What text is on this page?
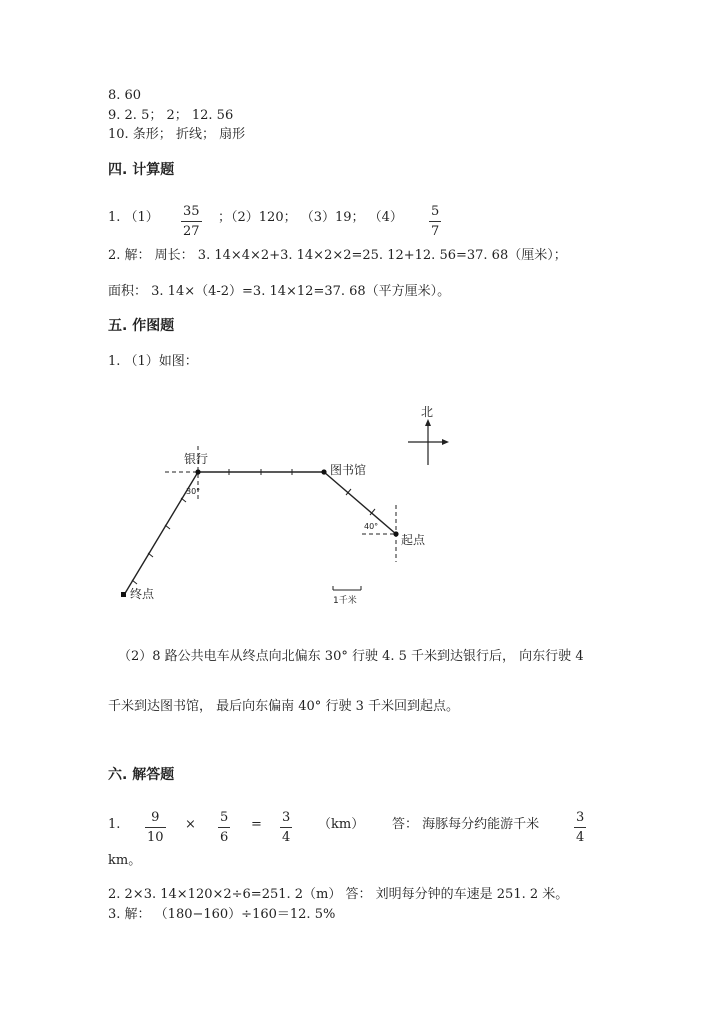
8. 60
9. 2. 5； 2； 12. 56
10. 条形； 折线； 扇形
四. 计算题
1. （1） 35
27
；（2）120； （3）19； （4） 5
7
2. 解： 周长： 3. 14×4×2+3. 14×2×2=25. 12+12. 56=37. 68（厘米）；
面积： 3. 14×（4-2）=3. 14×12=37. 68（平方厘米）。
五. 作图题
1. （1）如图：
北
银行
图书馆
起点
终点
30°
40°
1千米
（2）8 路公共电车从终点向北偏东 30° 行驶 4. 5 千米到达银行后， 向东行驶 4
千米到达图书馆， 最后向东偏南 40° 行驶 3 千米回到起点。
六. 解答题
1. 9
10
× 5
6
= 3
4
（km） 答： 海豚每分约能游千米	3
4
km。
2. 2×3. 14×120×2÷6=251. 2（m） 答： 刘明每分钟的车速是 251. 2 米。
3. 解： （180−160）÷160＝12. 5%
